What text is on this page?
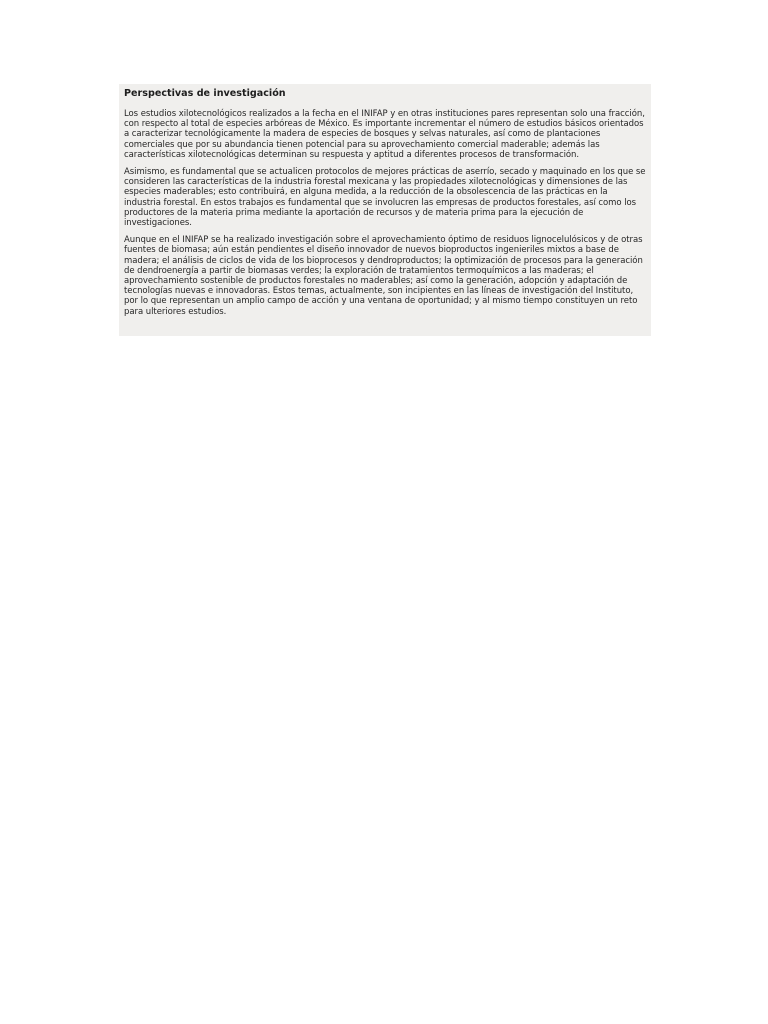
Perspectivas de investigación

Los estudios xilotecnológicos realizados a la fecha en el INIFAP y en otras instituciones pares representan solo una fracción, con respecto al total de especies arbóreas de México. Es importante incrementar el número de estudios básicos orientados a caracterizar tecnológicamente la madera de especies de bosques y selvas naturales, así como de plantaciones comerciales que por su abundancia tienen potencial para su aprovechamiento comercial maderable; además las características xilotecnológicas determinan su respuesta y aptitud a diferentes procesos de transformación.

Asimismo, es fundamental que se actualicen protocolos de mejores prácticas de aserrío, secado y maquinado en los que se consideren las características de la industria forestal mexicana y las propiedades xilotecnológicas y dimensiones de las especies maderables; esto contribuirá, en alguna medida, a la reducción de la obsolescencia de las prácticas en la industria forestal. En estos trabajos es fundamental que se involucren las empresas de productos forestales, así como los productores de la materia prima mediante la aportación de recursos y de materia prima para la ejecución de investigaciones.

Aunque en el INIFAP se ha realizado investigación sobre el aprovechamiento óptimo de residuos lignocelulósicos y de otras fuentes de biomasa; aún están pendientes el diseño innovador de nuevos bioproductos ingenieriles mixtos a base de madera; el análisis de ciclos de vida de los bioprocesos y dendroproductos; la optimización de procesos para la generación de dendroenergía a partir de biomasas verdes; la exploración de tratamientos termoquímicos a las maderas; el aprovechamiento sostenible de productos forestales no maderables; así como la generación, adopción y adaptación de tecnologías nuevas e innovadoras. Estos temas, actualmente, son incipientes en las líneas de investigación del Instituto, por lo que representan un amplio campo de acción y una ventana de oportunidad; y al mismo tiempo constituyen un reto para ulteriores estudios.
